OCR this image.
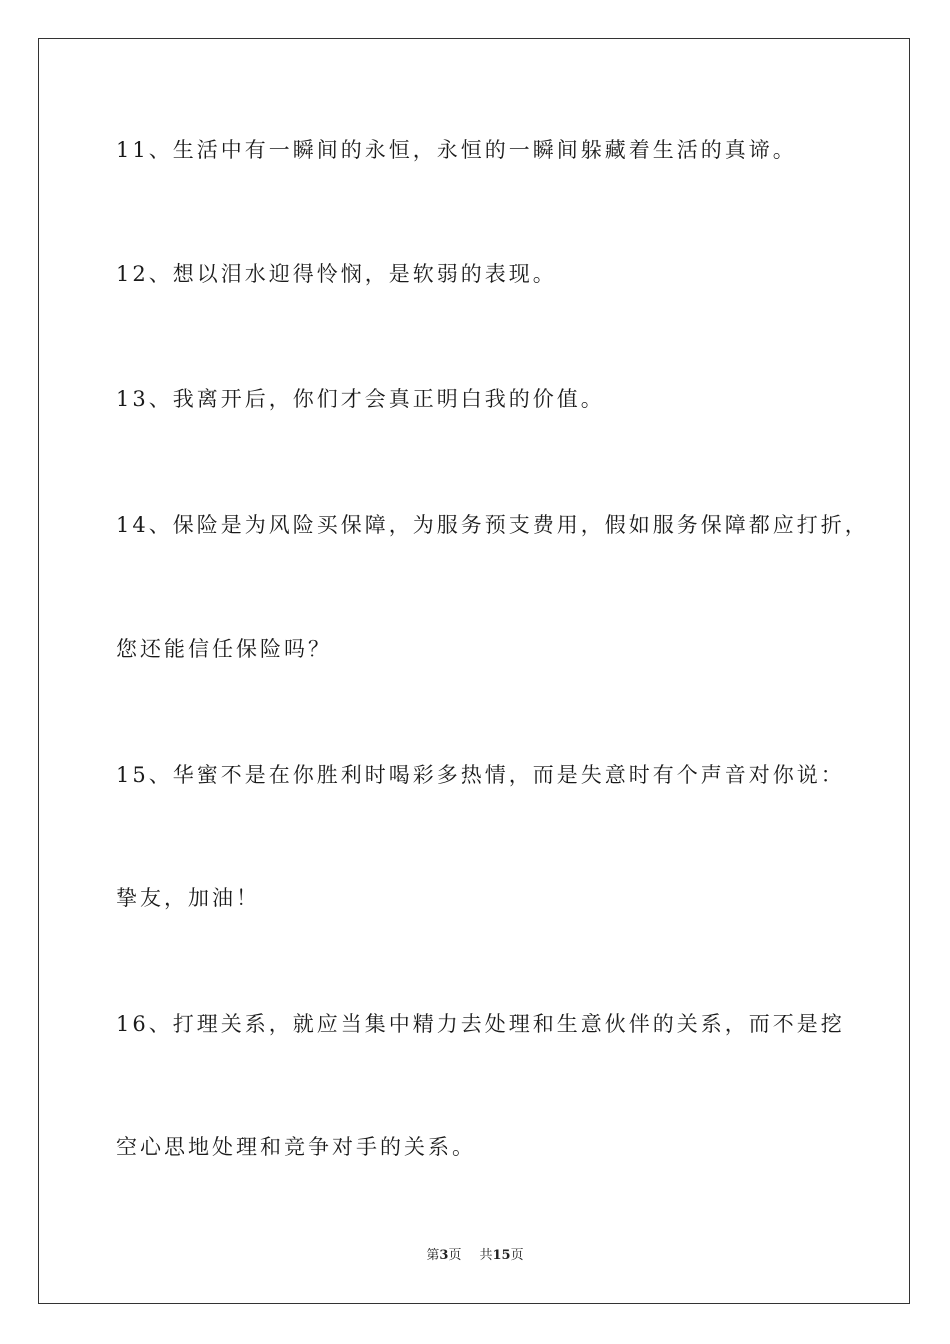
11、生活中有一瞬间的永恒，永恒的一瞬间躲藏着生活的真谛。
12、想以泪水迎得怜悯，是软弱的表现。
13、我离开后，你们才会真正明白我的价值。
14、保险是为风险买保障，为服务预支费用，假如服务保障都应打折，
您还能信任保险吗？
15、华蜜不是在你胜利时喝彩多热情，而是失意时有个声音对你说：
挚友，加油！
16、打理关系，就应当集中精力去处理和生意伙伴的关系，而不是挖
空心思地处理和竞争对手的关系。
第3页 共15页
